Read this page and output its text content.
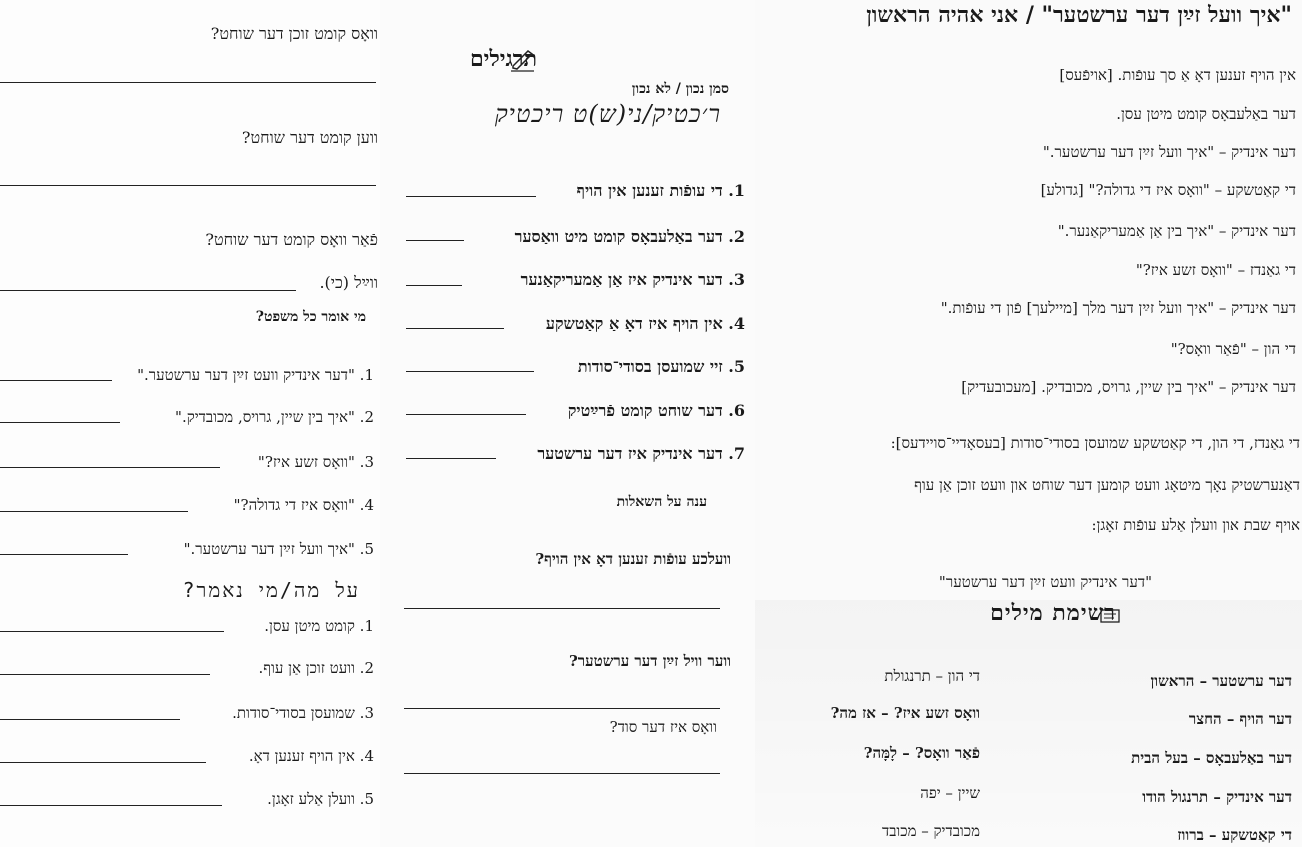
וואָס קומט זוכן דער שוחט?
ווען קומט דער שוחט?
פֿאַר וואָס קומט דער שוחט?
ווײַל (כי).
מי אומר כל משפט?
1. "דער אינדיק וועט זײַן דער ערשטער."
2. "איך בין שיין, גרויס, מכובדיק."
3. "וואָס זשע איז?"
4. "וואָס איז די גדולה?"
5. "איך וועל זײַן דער ערשטער."
על מה/מי נאמר?
1. קומט מיטן עסן.
2. וועט זוכן אַן עוף.
3. שמועסן בסודי־סודות.
4. אין הויף זענען דאָ.
5. וועלן אַלע זאָגן.
תרגילים
סמן נכון / לא נכון
ר׳כטיק/ני(ש)ט ריכטיק
1. די עופֿות זענען אין הויף
2. דער באַלעבאָס קומט מיט וואַסער
3. דער אינדיק איז אַן אַמעריקאַנער
4. אין הויף איז דאָ אַ קאַטשקע
5. זיי שמועסן בסודי־סודות
6. דער שוחט קומט פֿרײַטיק
7. דער אינדיק איז דער ערשטער
ענה על השאלות
וועלכע עופֿות זענען דאָ אין הויף?
ווער וויל זײַן דער ערשטער?
וואָס איז דער סוד?
"איך וועל זײַן דער ערשטער" / אני אהיה הראשון
אין הויף זענען דאָ אַ סך עופֿות. [אויפֿעס]
דער באַלעבאָס קומט מיטן עסן.
דער אינדיק – "איך וועל זײַן דער ערשטער."
די קאַטשקע – "וואָס איז די גדולה?" [גדולע]
דער אינדיק – "איך בין אַן אַמעריקאַנער."
די גאַנדז – "וואָס זשע איז?"
דער אינדיק – "איך וועל זײַן דער מלך [מיילעך] פֿון די עופֿות."
די הון – "פֿאַר וואָס?"
דער אינדיק – "איך בין שיין, גרויס, מכובדיק. [מעכובעדיק]
די גאַנדז, די הון, די קאַטשקע שמועסן בסודי־סודות [בעסאָדיי־סויידעס]:
דאַנערשטיק נאָך מיטאָג וועט קומען דער שוחט און וועט זוכן אַן עוף
אויף שבת און וועלן אַלע עופֿות זאָגן:
"דער אינדיק וועט זײַן דער ערשטער"
רשימת מילים
דער ערשטער – הראשון
דער הויף – החצר
דער באַלעבאָס – בעל הבית
דער אינדיק – תרנגול הודו
די קאַטשקע – ברווז
די הון – תרנגולת
וואָס זשע איז? – אז מה?
פֿאַר וואָס? – לָמָּה?
שיין – יפה
מכובדיק – מכובד
